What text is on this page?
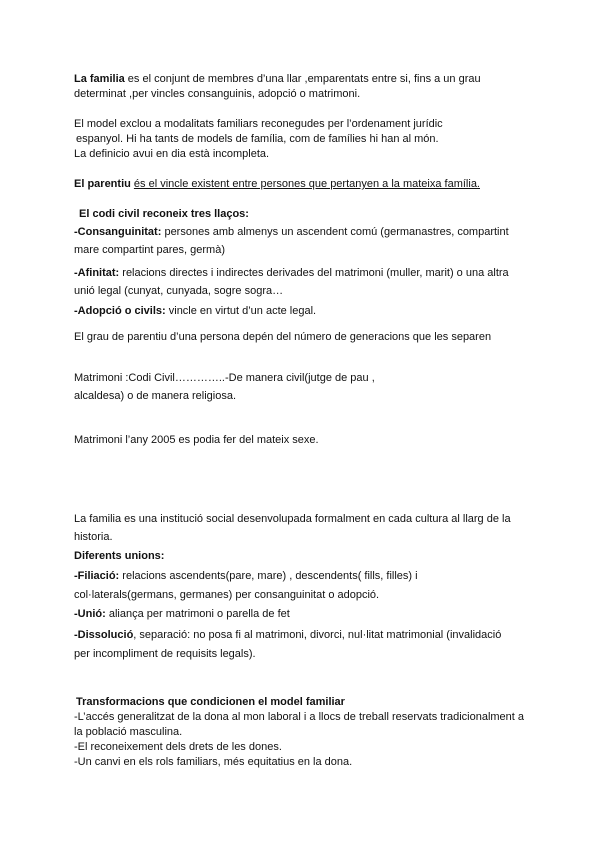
La familia es el conjunt de membres d’una llar ,emparentats entre si, fins a un grau
determinat ,per vincles consanguinis, adopció o matrimoni.
El model exclou a modalitats familiars reconegudes per l’ordenament jurídic
espanyol. Hi ha tants de models de família, com de famílies hi han al món.
La definicio avui en dia està incompleta.
El parentiu és el vincle existent entre persones que pertanyen a la mateixa família.
El codi civil reconeix tres llaços:
-Consanguinitat: persones amb almenys un ascendent comú (germanastres, compartint
mare compartint pares, germà)
-Afinitat: relacions directes i indirectes derivades del matrimoni (muller, marit) o una altra
unió legal (cunyat, cunyada, sogre sogra…
-Adopció o civils: vincle en virtut d’un acte legal.
El grau de parentiu d’una persona depén del número de generacions que les separen
Matrimoni :Codi Civil…………..-De manera civil(jutge de pau ,
alcaldesa) o de manera religiosa.
Matrimoni l’any 2005 es podia fer del mateix sexe.
La familia es una institució social desenvolupada formalment en cada cultura al llarg de la
historia.
Diferents unions:
-Filiació: relacions ascendents(pare, mare) , descendents( fills, filles) i
col·laterals(germans, germanes) per consanguinitat o adopció.
-Unió: aliança per matrimoni o parella de fet
-Dissolució, separació: no posa fi al matrimoni, divorci, nul·litat matrimonial (invalidació
per incompliment de requisits legals).
Transformacions que condicionen el model familiar
-L’accés generalitzat de la dona al mon laboral i a llocs de treball reservats tradicionalment a
la població masculina.
-El reconeixement dels drets de les dones.
-Un canvi en els rols familiars, més equitatius en la dona.
